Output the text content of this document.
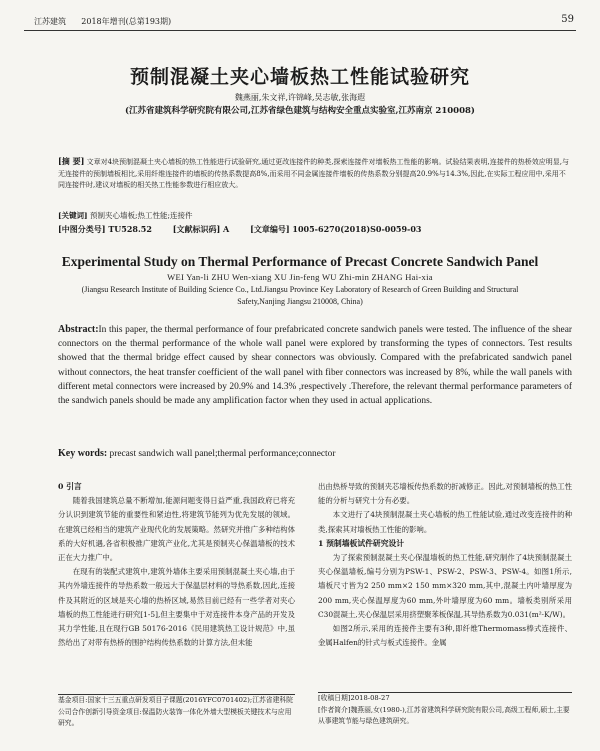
江苏建筑 2018年增刊(总第193期)	59
预制混凝土夹心墙板热工性能试验研究
魏燕丽,朱文祥,许锦峰,吴志敏,张海遐
(江苏省建筑科学研究院有限公司,江苏省绿色建筑与结构安全重点实验室,江苏南京 210008)
[摘 要] 文章对4块预制混凝土夹心墙板的热工性能进行试验研究,通过更改连接件的种类,探索连接件对墙板热工性能的影响。试验结果表明,连接件的热桥效应明显,与无连接件的预制墙板相比,采用纤维连接件的墙板的传热系数提高8%,而采用不同金属连接件墙板的传热系数分别提高20.9%与14.3%,因此,在实际工程应用中,采用不同连接件时,建议对墙板的相关热工性能参数进行相应放大。
[关键词] 预制夹心墙板;热工性能;连接件
[中图分类号] TU528.52	[文献标识码] A	[文章编号] 1005-6270(2018)S0-0059-03
Experimental Study on Thermal Performance of Precast Concrete Sandwich Panel
WEI Yan-li ZHU Wen-xiang XU Jin-feng WU Zhi-min ZHANG Hai-xia
(Jiangsu Research Institute of Building Science Co., Ltd.Jiangsu Province Key Laboratory of Research of Green Building and Structural Safety,Nanjing Jiangsu 210008, China)
Abstract:In this paper, the thermal performance of four prefabricated concrete sandwich panels were tested. The influence of the shear connectors on the thermal performance of the whole wall panel were explored by transforming the types of connectors. Test results showed that the thermal bridge effect caused by shear connectors was obviously. Compared with the prefabricated sandwich panel without connectors, the heat transfer coefficient of the wall panel with fiber connectors was increased by 8%, while the wall panels with different metal connectors were increased by 20.9% and 14.3% ,respectively .Therefore, the relevant thermal performance parameters of the sandwich panels should be made any amplification factor when they used in actual applications.
Key words: precast sandwich wall panel;thermal performance;connector
0 引言
随着我国建筑总量不断增加,能源问题变得日益严重,我国政府已将充分认识到建筑节能的重要性和紧迫性,将建筑节能列为优先发展的领域。在建筑已经相当的建筑产业现代化的发展策略。然研究并推广多种结构体系的大好机遇,各省积极推广建筑产业化,尤其是预制夹心保温墙板的技术正在大力推广中。
在现有的装配式建筑中,建筑外墙体主要采用预制混凝土夹心墙,由于其内外墙连接件的导热系数一般远大于保温层材料的导热系数,因此,连接件及其附近的区域是夹心墙的热桥区域,易然目前已经有一些学者对夹心墙板的热工性能进行研究[1-5],但主要集中于对连接件本身产品的开发及其力学性能,且在现行GB 50176-2016《民用建筑热工设计规范》中,虽然给出了对带有热桥的围护结构传热系数的计算方法,但未能
出由热桥导致的预制夹芯墙板传热系数的折减修正。因此,对预制墙板的热工性能的分析与研究十分有必要。
本文进行了4块预制混凝土夹心墙板的热工性能试验,通过改变连接件的种类,探索其对墙板热工性能的影响。
1 预制墙板试件研究设计
为了探索预制混凝土夹心保温墙板的热工性能,研究制作了4块预制混凝土夹心保温墙板,编号分别为PSW-1、PSW-2、PSW-3、PSW-4。如图1所示,墙板尺寸皆为2 250 mm×2 150 mm×320 mm,其中,混凝土内叶墙厚度为200 mm,夹心保温厚度为60 mm,外叶墙厚度为60 mm。墙板类别所采用C30混凝土,夹心保温层采用挤塑聚苯板保温,其导热系数为0.031(m²·K/W)。
如图2所示,采用的连接件主要有3种,即纤维Thermomass棒式连接件、金属Halfen的针式与板式连接件。金属
基金项目:国家十三五重点研发项目子课题(2016YFC0701402);江苏省建科院公司合作创新引导资金项目:保温防火装饰一体化外墙大型模板关键技术与应用研究。
[收稿日期]2018-08-27
[作者简介]魏燕丽,女(1980-),江苏省建筑科学研究院有限公司,高级工程师,硕士,主要从事建筑节能与绿色建筑研究。
